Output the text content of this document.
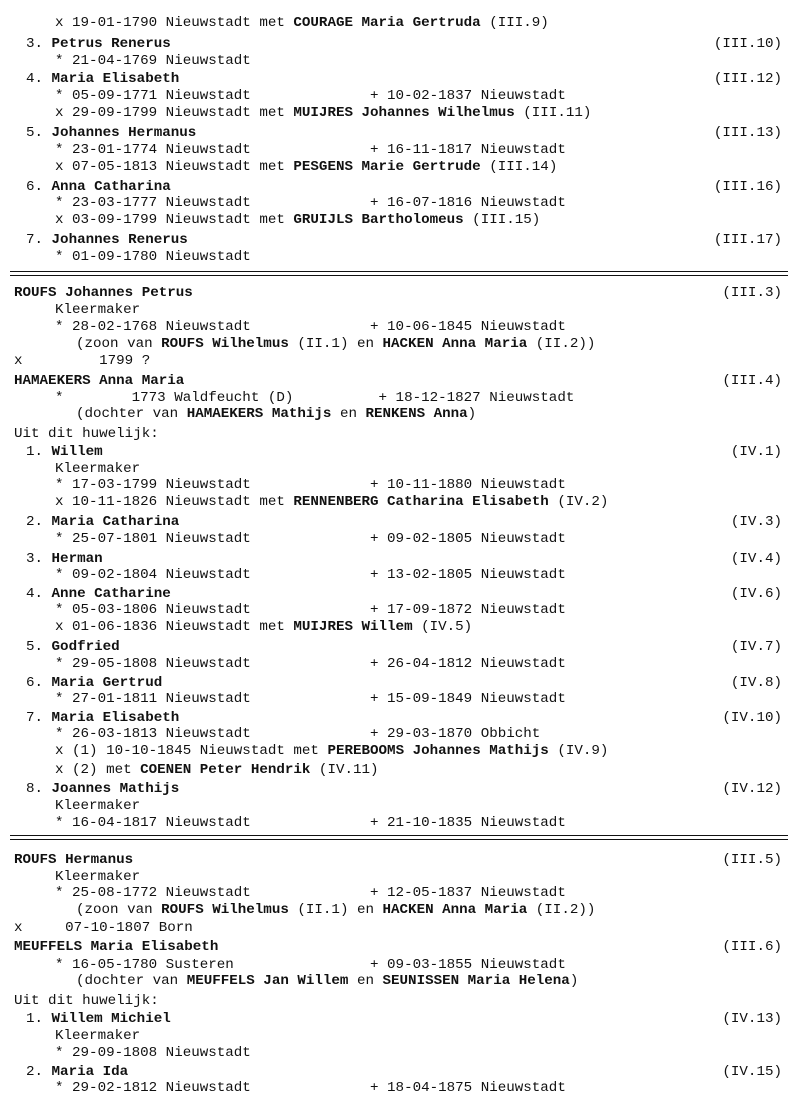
x 19-01-1790 Nieuwstadt met COURAGE Maria Gertruda (III.9)
3. Petrus Renerus	(III.10)
* 21-04-1769 Nieuwstadt
4. Maria Elisabeth	(III.12)
* 05-09-1771 Nieuwstadt              + 10-02-1837 Nieuwstadt
x 29-09-1799 Nieuwstadt met MUIJRES Johannes Wilhelmus (III.11)
5. Johannes Hermanus	(III.13)
* 23-01-1774 Nieuwstadt              + 16-11-1817 Nieuwstadt
x 07-05-1813 Nieuwstadt met PESGENS Marie Gertrude (III.14)
6. Anna Catharina	(III.16)
* 23-03-1777 Nieuwstadt              + 16-07-1816 Nieuwstadt
x 03-09-1799 Nieuwstadt met GRUIJLS Bartholomeus (III.15)
7. Johannes Renerus	(III.17)
* 01-09-1780 Nieuwstadt
ROUFS Johannes Petrus	(III.3)
Kleermaker
* 28-02-1768 Nieuwstadt              + 10-06-1845 Nieuwstadt
(zoon van ROUFS Wilhelmus (II.1) en HACKEN Anna Maria (II.2))
x         1799 ?
HAMAEKERS Anna Maria	(III.4)
*        1773 Waldfeucht (D)          + 18-12-1827 Nieuwstadt
(dochter van HAMAEKERS Mathijs en RENKENS Anna)
Uit dit huwelijk:
1. Willem	(IV.1)
Kleermaker
* 17-03-1799 Nieuwstadt              + 10-11-1880 Nieuwstadt
x 10-11-1826 Nieuwstadt met RENNENBERG Catharina Elisabeth (IV.2)
2. Maria Catharina	(IV.3)
* 25-07-1801 Nieuwstadt              + 09-02-1805 Nieuwstadt
3. Herman	(IV.4)
* 09-02-1804 Nieuwstadt              + 13-02-1805 Nieuwstadt
4. Anne Catharine	(IV.6)
* 05-03-1806 Nieuwstadt              + 17-09-1872 Nieuwstadt
x 01-06-1836 Nieuwstadt met MUIJRES Willem (IV.5)
5. Godfried	(IV.7)
* 29-05-1808 Nieuwstadt              + 26-04-1812 Nieuwstadt
6. Maria Gertrud	(IV.8)
* 27-01-1811 Nieuwstadt              + 15-09-1849 Nieuwstadt
7. Maria Elisabeth	(IV.10)
* 26-03-1813 Nieuwstadt              + 29-03-1870 Obbicht
x (1) 10-10-1845 Nieuwstadt met PEREBOOMS Johannes Mathijs (IV.9)
x (2) met COENEN Peter Hendrik (IV.11)
8. Joannes Mathijs	(IV.12)
Kleermaker
* 16-04-1817 Nieuwstadt              + 21-10-1835 Nieuwstadt
ROUFS Hermanus	(III.5)
Kleermaker
* 25-08-1772 Nieuwstadt              + 12-05-1837 Nieuwstadt
(zoon van ROUFS Wilhelmus (II.1) en HACKEN Anna Maria (II.2))
x     07-10-1807 Born
MEUFFELS Maria Elisabeth	(III.6)
* 16-05-1780 Susteren                + 09-03-1855 Nieuwstadt
(dochter van MEUFFELS Jan Willem en SEUNISSEN Maria Helena)
Uit dit huwelijk:
1. Willem Michiel	(IV.13)
Kleermaker
* 29-09-1808 Nieuwstadt
2. Maria Ida	(IV.15)
* 29-02-1812 Nieuwstadt              + 18-04-1875 Nieuwstadt
